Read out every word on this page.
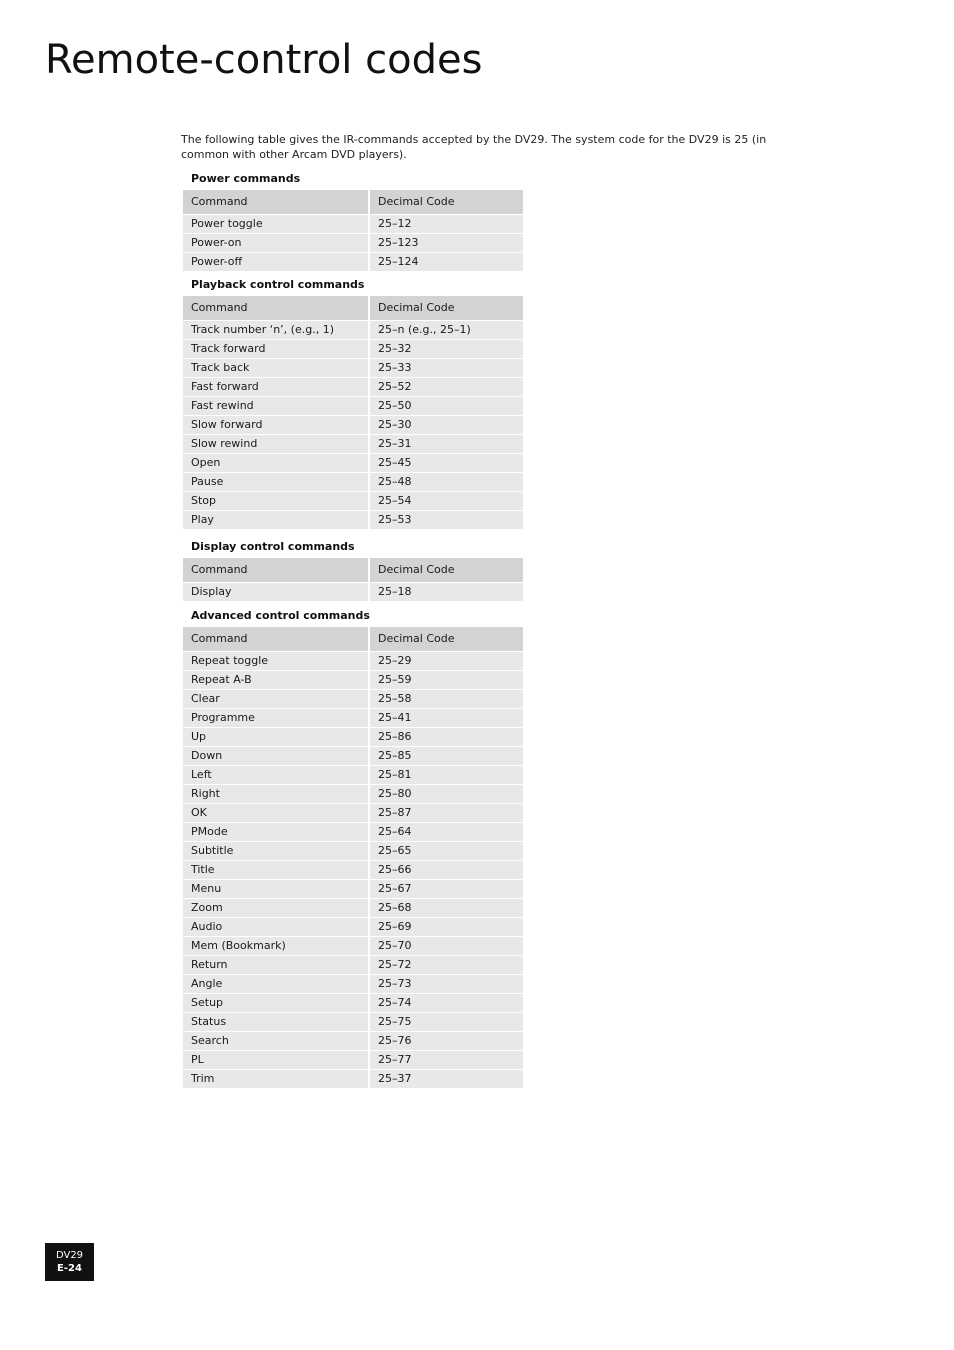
Remote-control codes

The following table gives the IR-commands accepted by the DV29. The system code for the DV29 is 25 (in common with other Arcam DVD players).

Power commands
Command	Decimal Code
Power toggle	25–12
Power-on	25–123
Power-off	25–124
Playback control commands
Command	Decimal Code
Track number ‘n’, (e.g., 1)	25–n (e.g., 25–1)
Track forward	25–32
Track back	25–33
Fast forward	25–52
Fast rewind	25–50
Slow forward	25–30
Slow rewind	25–31
Open	25–45
Pause	25–48
Stop	25–54
Play	25–53
Display control commands
Command	Decimal Code
Display	25–18
Advanced control commands
Command	Decimal Code
Repeat toggle	25–29
Repeat A-B	25–59
Clear	25–58
Programme	25–41
Up	25–86
Down	25–85
Left	25–81
Right	25–80
OK	25–87
PMode	25–64
Subtitle	25–65
Title	25–66
Menu	25–67
Zoom	25–68
Audio	25–69
Mem (Bookmark)	25–70
Return	25–72
Angle	25–73
Setup	25–74
Status	25–75
Search	25–76
PL	25–77
Trim	25–37
DV29
E-24
